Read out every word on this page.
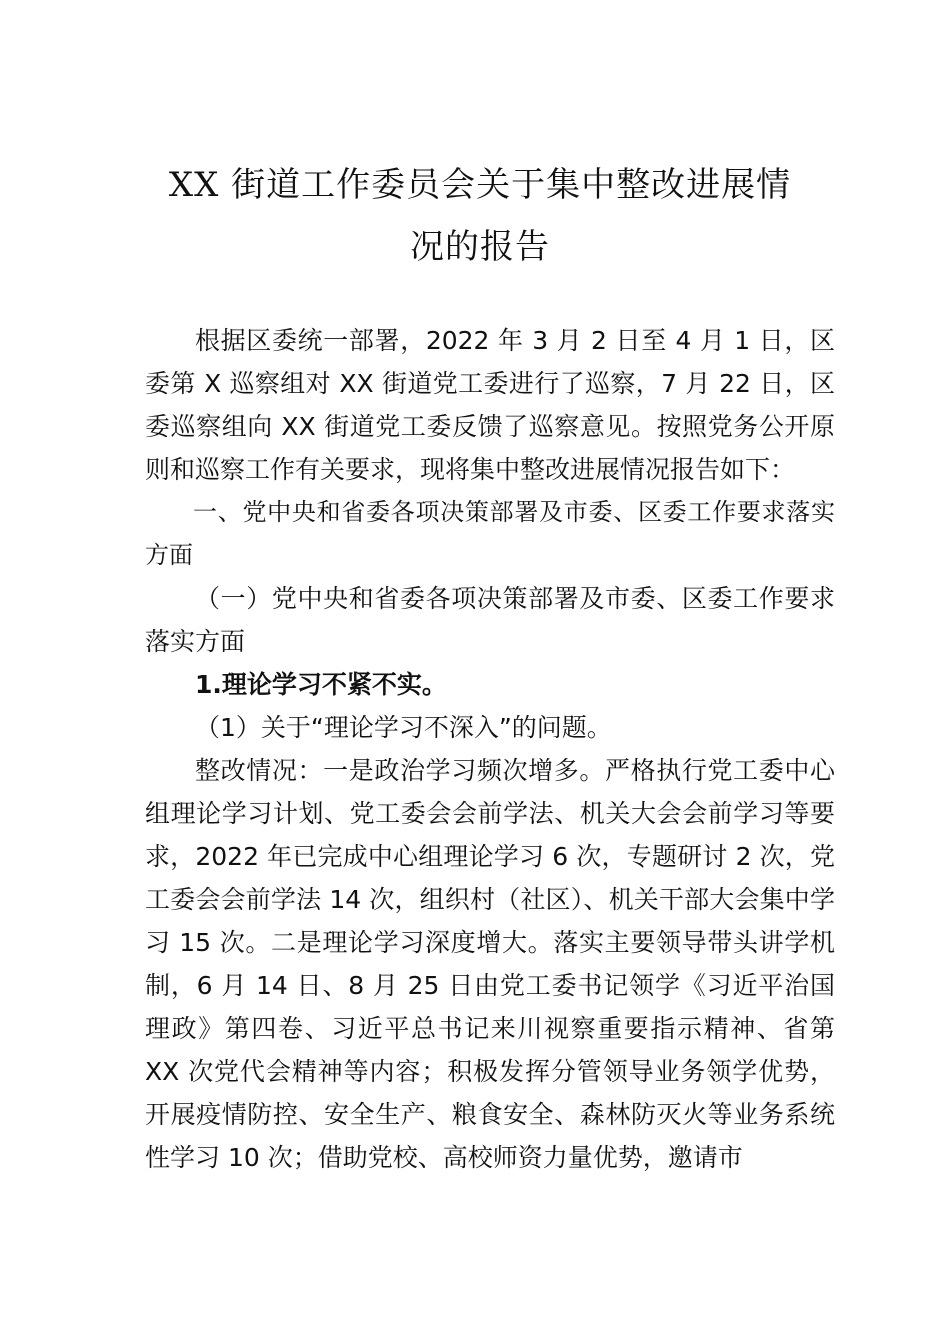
XX 街道工作委员会关于集中整改进展情
况的报告

根据区委统一部署，2022 年 3 月 2 日至 4 月 1 日，区委第 X 巡察组对 XX 街道党工委进行了巡察，7 月 22 日，区委巡察组向 XX 街道党工委反馈了巡察意见。按照党务公开原则和巡察工作有关要求，现将集中整改进展情况报告如下：

一、党中央和省委各项决策部署及市委、区委工作要求落实方面

（一）党中央和省委各项决策部署及市委、区委工作要求落实方面

1.理论学习不紧不实。

（1）关于“理论学习不深入”的问题。

整改情况：一是政治学习频次增多。严格执行党工委中心组理论学习计划、党工委会会前学法、机关大会会前学习等要求，2022 年已完成中心组理论学习 6 次，专题研讨 2 次，党工委会会前学法 14 次，组织村（社区）、机关干部大会集中学习 15 次。二是理论学习深度增大。落实主要领导带头讲学机制，6 月 14 日、8 月 25 日由党工委书记领学《习近平治国理政》第四卷、习近平总书记来川视察重要指示精神、省第 XX 次党代会精神等内容；积极发挥分管领导业务领学优势，开展疫情防控、安全生产、粮食安全、森林防灭火等业务系统性学习 10 次；借助党校、高校师资力量优势，邀请市
